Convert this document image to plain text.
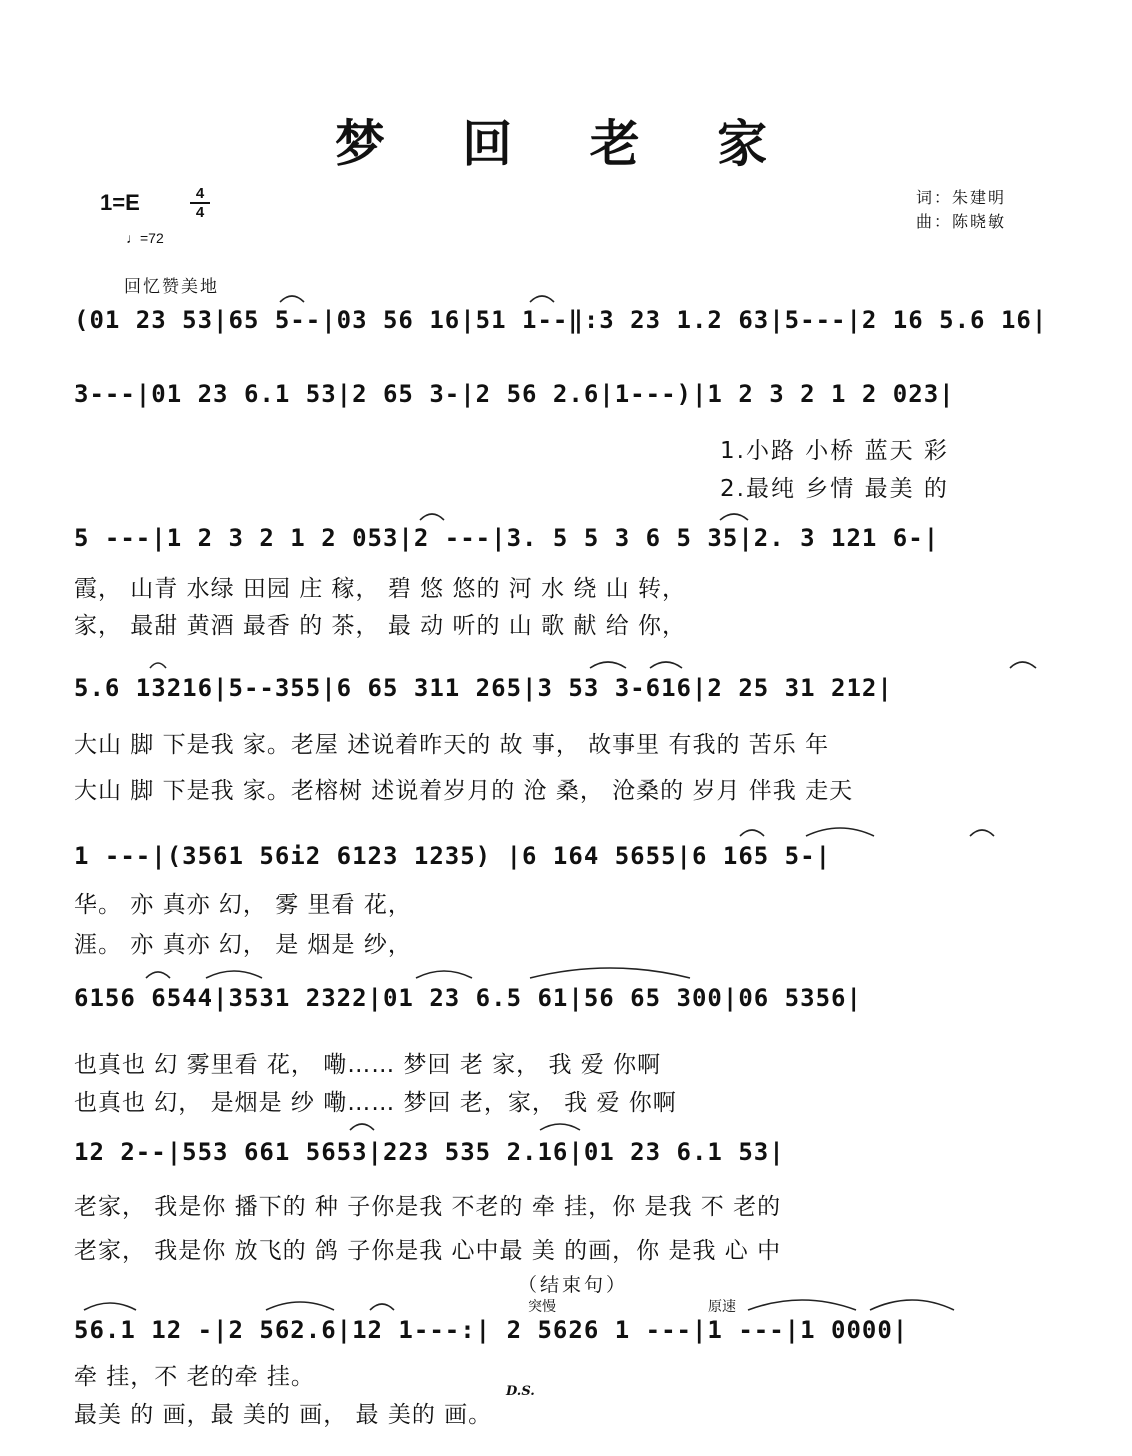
梦 回 老 家
1=E	4
4
♩=72
词：朱建明
曲：陈晓敏
回忆赞美地
(01 23 53|65 5--|03 56 16|51 1--‖:3 23 1.2 63|5---|2 16 5.6 16|
3---|01 23 6.1 53|2 65 3-|2 56 2.6|1---)|1 2 3 2 1 2 023|
1.小路 小桥 蓝天 彩
2.最纯 乡情 最美 的
5 ---|1 2 3 2 1 2 053|2 ---|3. 5 5 3 6 5 35|2. 3 121 6-|
霞， 山青 水绿 田园 庄 稼， 碧 悠 悠的 河 水 绕 山 转，
家， 最甜 黄酒 最香 的 茶， 最 动 听的 山 歌 献 给 你，
5.6 13216|5--355|6 65 311 265|3 53 3-616|2 25 31 212|
大山 脚 下是我 家。老屋 述说着昨天的 故 事， 故事里 有我的 苦乐 年
大山 脚 下是我 家。老榕树 述说着岁月的 沧 桑， 沧桑的 岁月 伴我 走天
1 ---|(3561 56i2 6123 1235) |6 164 5655|6 165 5-|
华。 亦 真亦 幻， 雾 里看 花，
涯。 亦 真亦 幻， 是 烟是 纱，
6156 6544|3531 2322|01 23 6.5 61|56 65 300|06 5356|
也真也 幻 雾里看 花， 嘞…… 梦回 老 家， 我 爱 你啊
也真也 幻， 是烟是 纱 嘞…… 梦回 老，家， 我 爱 你啊
12 2--|553 661 5653|223 535 2.16|01 23 6.1 53|
老家， 我是你 播下的 种 子你是我 不老的 牵 挂，你 是我 不 老的
老家， 我是你 放飞的 鸽 子你是我 心中最 美 的画，你 是我 心 中
（结束句）
突慢	原速
56.1 12 -|2 562.6|12 1---:| 2 5626 1 ---|1 ---|1 0000|
牵 挂，不 老的牵 挂。
最美 的 画，最 美的 画， 最 美的 画。
D.S.
